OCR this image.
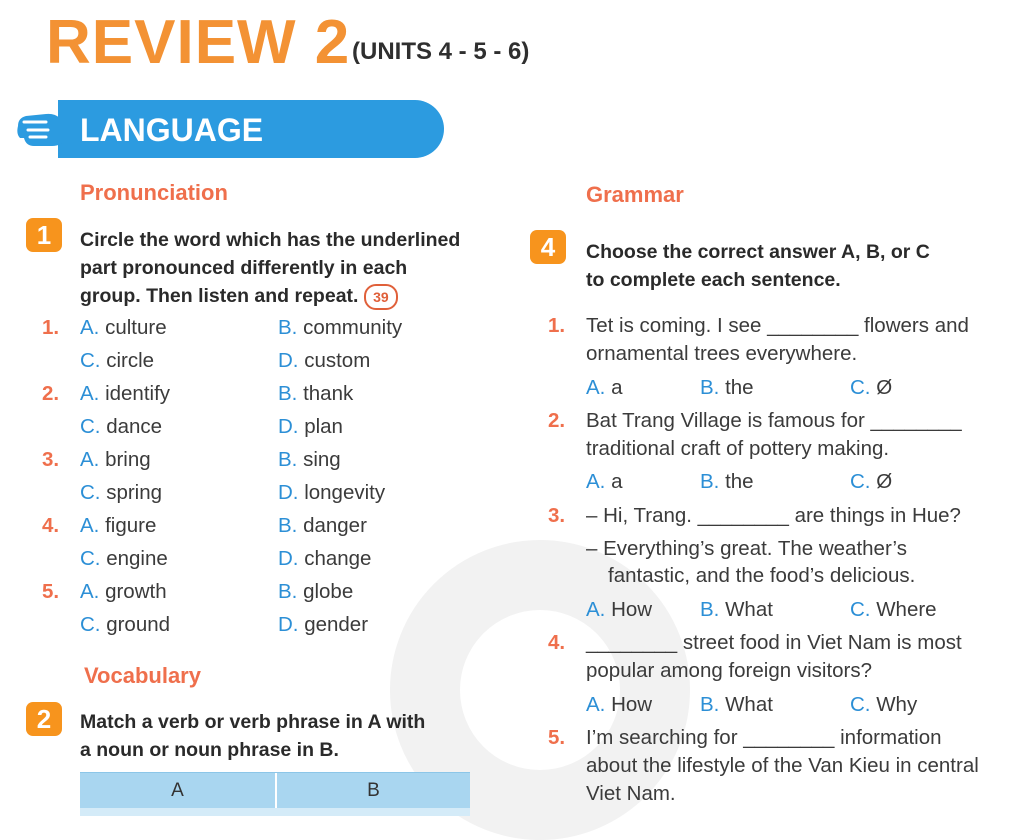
REVIEW 2 (UNITS 4 - 5 - 6)
LANGUAGE
Pronunciation
1	Circle the word which has the underlined
part pronounced differently in each
group. Then listen and repeat. 39
1. A. culture	B. community
C. circle	D. custom
2. A. identify	B. thank
C. dance	D. plan
3. A. bring	B. sing
C. spring	D. longevity
4. A. figure	B. danger
C. engine	D. change
5. A. growth	B. globe
C. ground	D. gender
Vocabulary
2	Match a verb or verb phrase in A with
a noun or noun phrase in B.
A	B
Grammar
4	Choose the correct answer A, B, or C
to complete each sentence.
1. Tet is coming. I see ________ flowers and
ornamental trees everywhere.
A. a	B. the	C. Ø
2. Bat Trang Village is famous for ________
traditional craft of pottery making.
A. a	B. the	C. Ø
3. – Hi, Trang. ________ are things in Hue?
– Everything’s great. The weather’s
fantastic, and the food’s delicious.
A. How B. What	C. Where
4. ________ street food in Viet Nam is most
popular among foreign visitors?
A. How B. What	C. Why
5. I’m searching for ________ information
about the lifestyle of the Van Kieu in central
Viet Nam.
